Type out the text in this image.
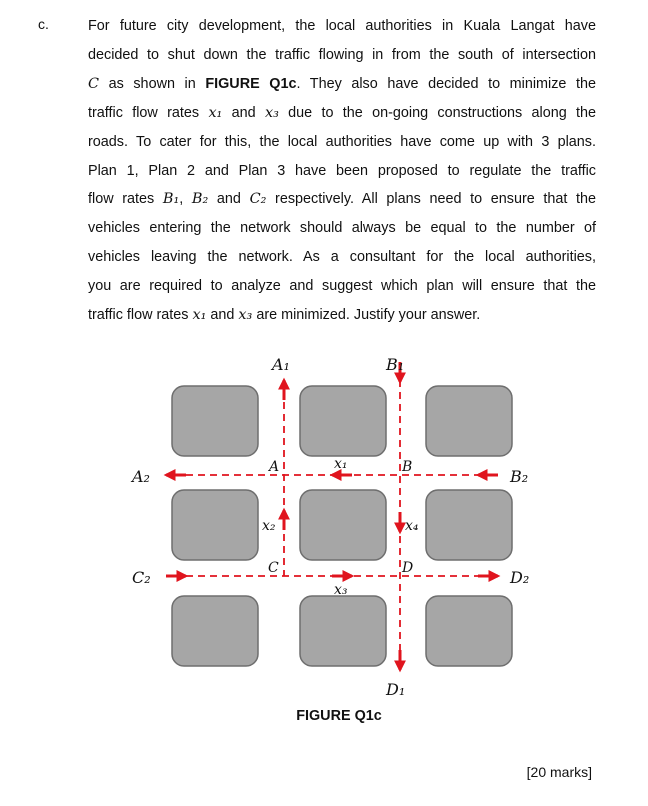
c.	For future city development, the local authorities in Kuala Langat have
decided to shut down the traffic flowing in from the south of intersection
C as shown in FIGURE Q1c. They also have decided to minimize the
traffic flow rates x₁ and x₃ due to the on-going constructions along the
roads. To cater for this, the local authorities have come up with 3 plans.
Plan 1, Plan 2 and Plan 3 have been proposed to regulate the traffic
flow rates B₁, B₂ and C₂ respectively. All plans need to ensure that the
vehicles entering the network should always be equal to the number of
vehicles leaving the network. As a consultant for the local authorities,
you are required to analyze and suggest which plan will ensure that the
traffic flow rates x₁ and x₃ are minimized. Justify your answer.
A₁	B₁
A₂	B₂
C₂	D₂
D₁
A	B
C	D
x₁
x₂
x₃
x₄
FIGURE Q1c
[20 marks]
